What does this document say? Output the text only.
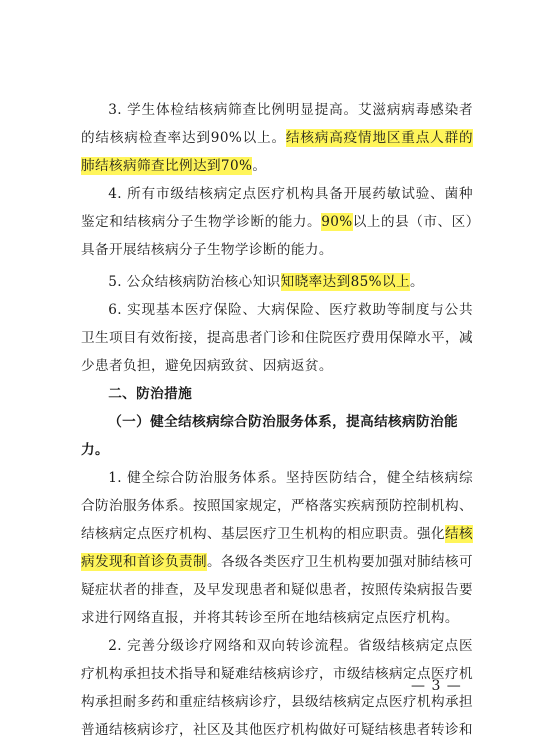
3. 学生体检结核病筛查比例明显提高。艾滋病病毒感染者的结核病检查率达到90%以上。结核病高疫情地区重点人群的肺结核病筛查比例达到70%。

4. 所有市级结核病定点医疗机构具备开展药敏试验、菌种鉴定和结核病分子生物学诊断的能力。90%以上的县（市、区）具备开展结核病分子生物学诊断的能力。

5. 公众结核病防治核心知识知晓率达到85%以上。

6. 实现基本医疗保险、大病保险、医疗救助等制度与公共卫生项目有效衔接，提高患者门诊和住院医疗费用保障水平，减少患者负担，避免因病致贫、因病返贫。

二、防治措施

（一）健全结核病综合防治服务体系，提高结核病防治能力。

1. 健全综合防治服务体系。坚持医防结合，健全结核病综合防治服务体系。按照国家规定，严格落实疾病预防控制机构、结核病定点医疗机构、基层医疗卫生机构的相应职责。强化结核病发现和首诊负责制。各级各类医疗卫生机构要加强对肺结核可疑症状者的排查，及早发现患者和疑似患者，按照传染病报告要求进行网络直报，并将其转诊至所在地结核病定点医疗机构。

2. 完善分级诊疗网络和双向转诊流程。省级结核病定点医疗机构承担技术指导和疑难结核病诊疗，市级结核病定点医疗机构承担耐多药和重症结核病诊疗，县级结核病定点医疗机构承担普通结核病诊疗，社区及其他医疗机构做好可疑结核患者转诊和

— 3 —
